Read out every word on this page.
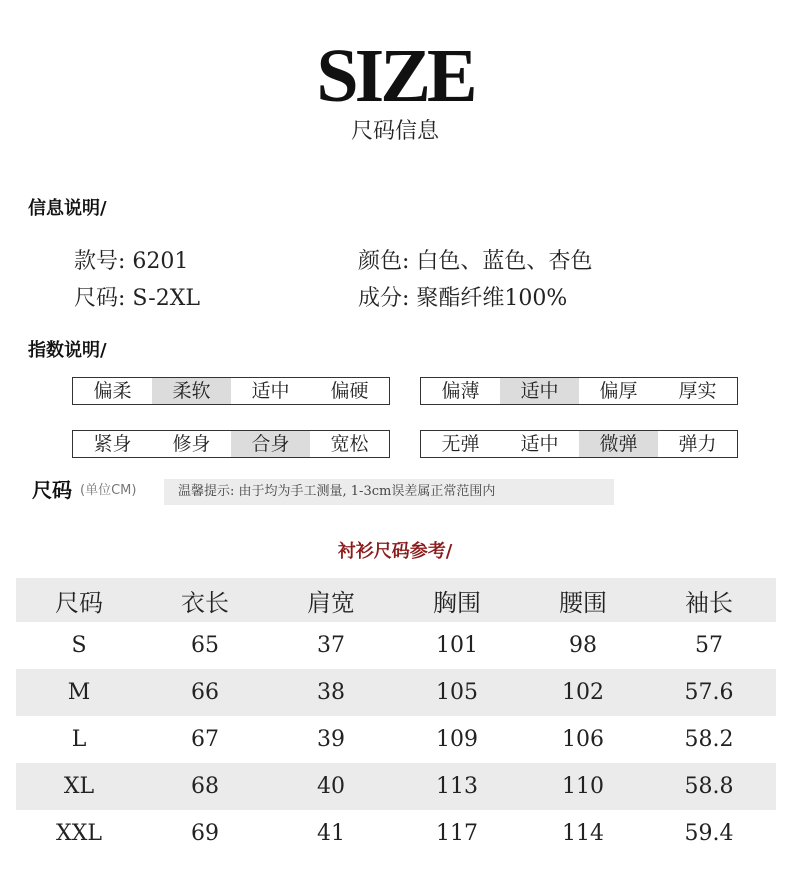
SIZE
尺码信息
信息说明/
款号: 6201	颜色: 白色、蓝色、杏色
尺码: S-2XL	成分: 聚酯纤维100%
指数说明/
偏柔	柔软	适中	偏硬	偏薄	适中	偏厚	厚实
紧身	修身	合身	宽松	无弹	适中	微弹	弹力
尺码 (单位CM)	温馨提示: 由于均为手工测量, 1-3cm误差属正常范围内
衬衫尺码参考/
尺码	衣长	肩宽	胸围	腰围	袖长
S	65	37	101	98	57
M	66	38	105	102	57.6
L	67	39	109	106	58.2
XL	68	40	113	110	58.8
XXL	69	41	117	114	59.4
